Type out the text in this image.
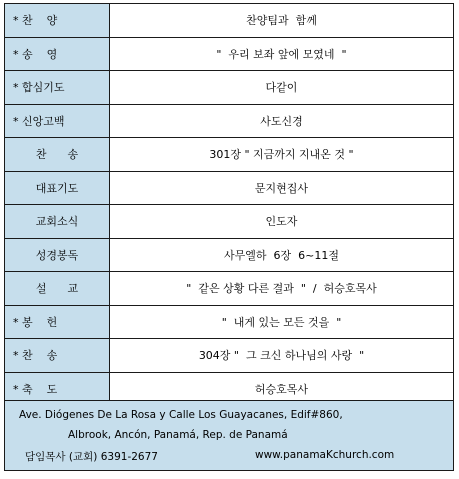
* 찬    양	찬양팀과  함께

* 송    영	"  우리 보좌 앞에 모였네  "

* 합심기도	다같이

* 신앙고백	사도신경

찬      송	301장 " 지금까지 지내온 것 "

대표기도	문지현집사

교회소식	인도자

성경봉독	사무엘하  6장  6~11절

설      교	"  같은 상황 다른 결과  "  /  허승호목사

* 봉    헌	"  내게 있는 모든 것을  "

* 찬    송	304장 "  그 크신 하나님의 사랑  "

* 축    도	허승호목사
Ave. Diógenes De La Rosa y Calle Los Guayacanes, Edif#860,
Albrook, Ancón, Panamá, Rep. de Panamá
담임목사 (교회) 6391-2677	www.panamaKchurch.com
